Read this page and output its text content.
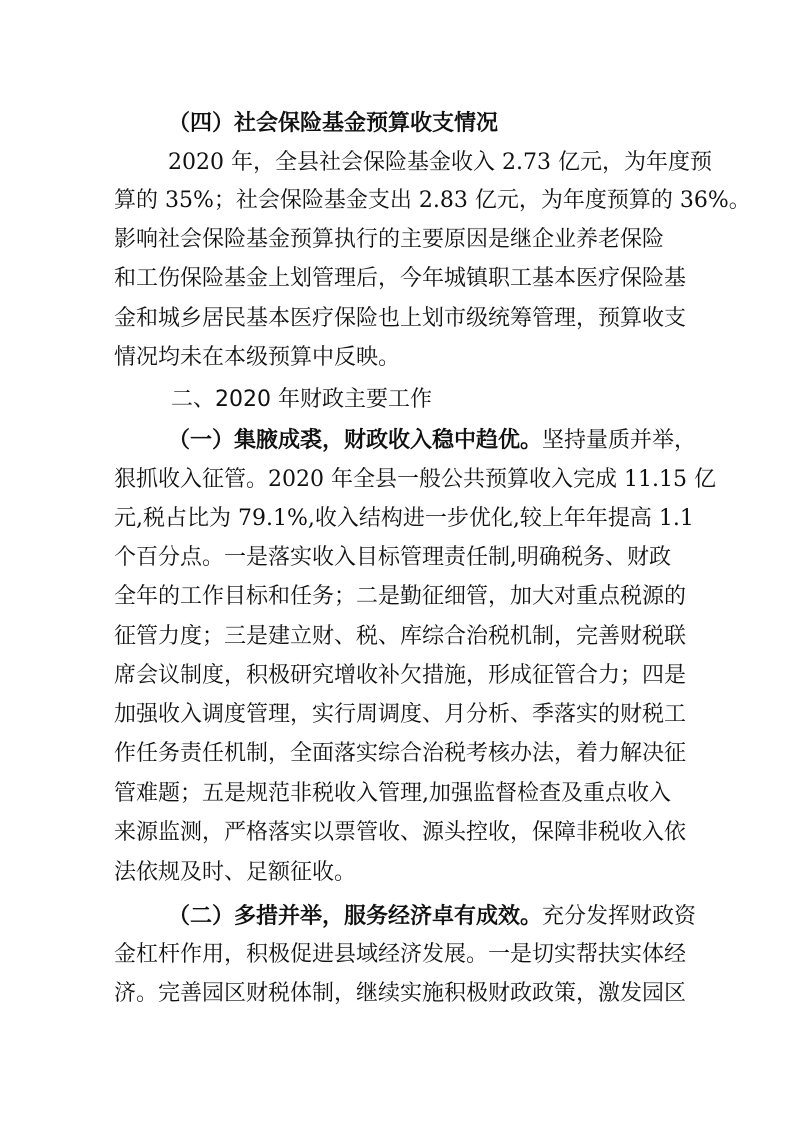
（四）社会保险基金预算收支情况
2020 年，全县社会保险基金收入 2.73 亿元，为年度预
算的 35%；社会保险基金支出 2.83 亿元，为年度预算的 36%。
影响社会保险基金预算执行的主要原因是继企业养老保险
和工伤保险基金上划管理后，今年城镇职工基本医疗保险基
金和城乡居民基本医疗保险也上划市级统筹管理，预算收支
情况均未在本级预算中反映。
二、2020 年财政主要工作
（一）集腋成裘，财政收入稳中趋优。坚持量质并举，
狠抓收入征管。2020 年全县一般公共预算收入完成 11.15 亿
元,税占比为 79.1%,收入结构进一步优化,较上年年提高 1.1
个百分点。一是落实收入目标管理责任制,明确税务、财政
全年的工作目标和任务；二是勤征细管，加大对重点税源的
征管力度；三是建立财、税、库综合治税机制，完善财税联
席会议制度，积极研究增收补欠措施，形成征管合力；四是
加强收入调度管理，实行周调度、月分析、季落实的财税工
作任务责任机制，全面落实综合治税考核办法，着力解决征
管难题；五是规范非税收入管理,加强监督检查及重点收入
来源监测，严格落实以票管收、源头控收，保障非税收入依
法依规及时、足额征收。
（二）多措并举，服务经济卓有成效。充分发挥财政资
金杠杆作用，积极促进县域经济发展。一是切实帮扶实体经
济。完善园区财税体制，继续实施积极财政政策，激发园区
